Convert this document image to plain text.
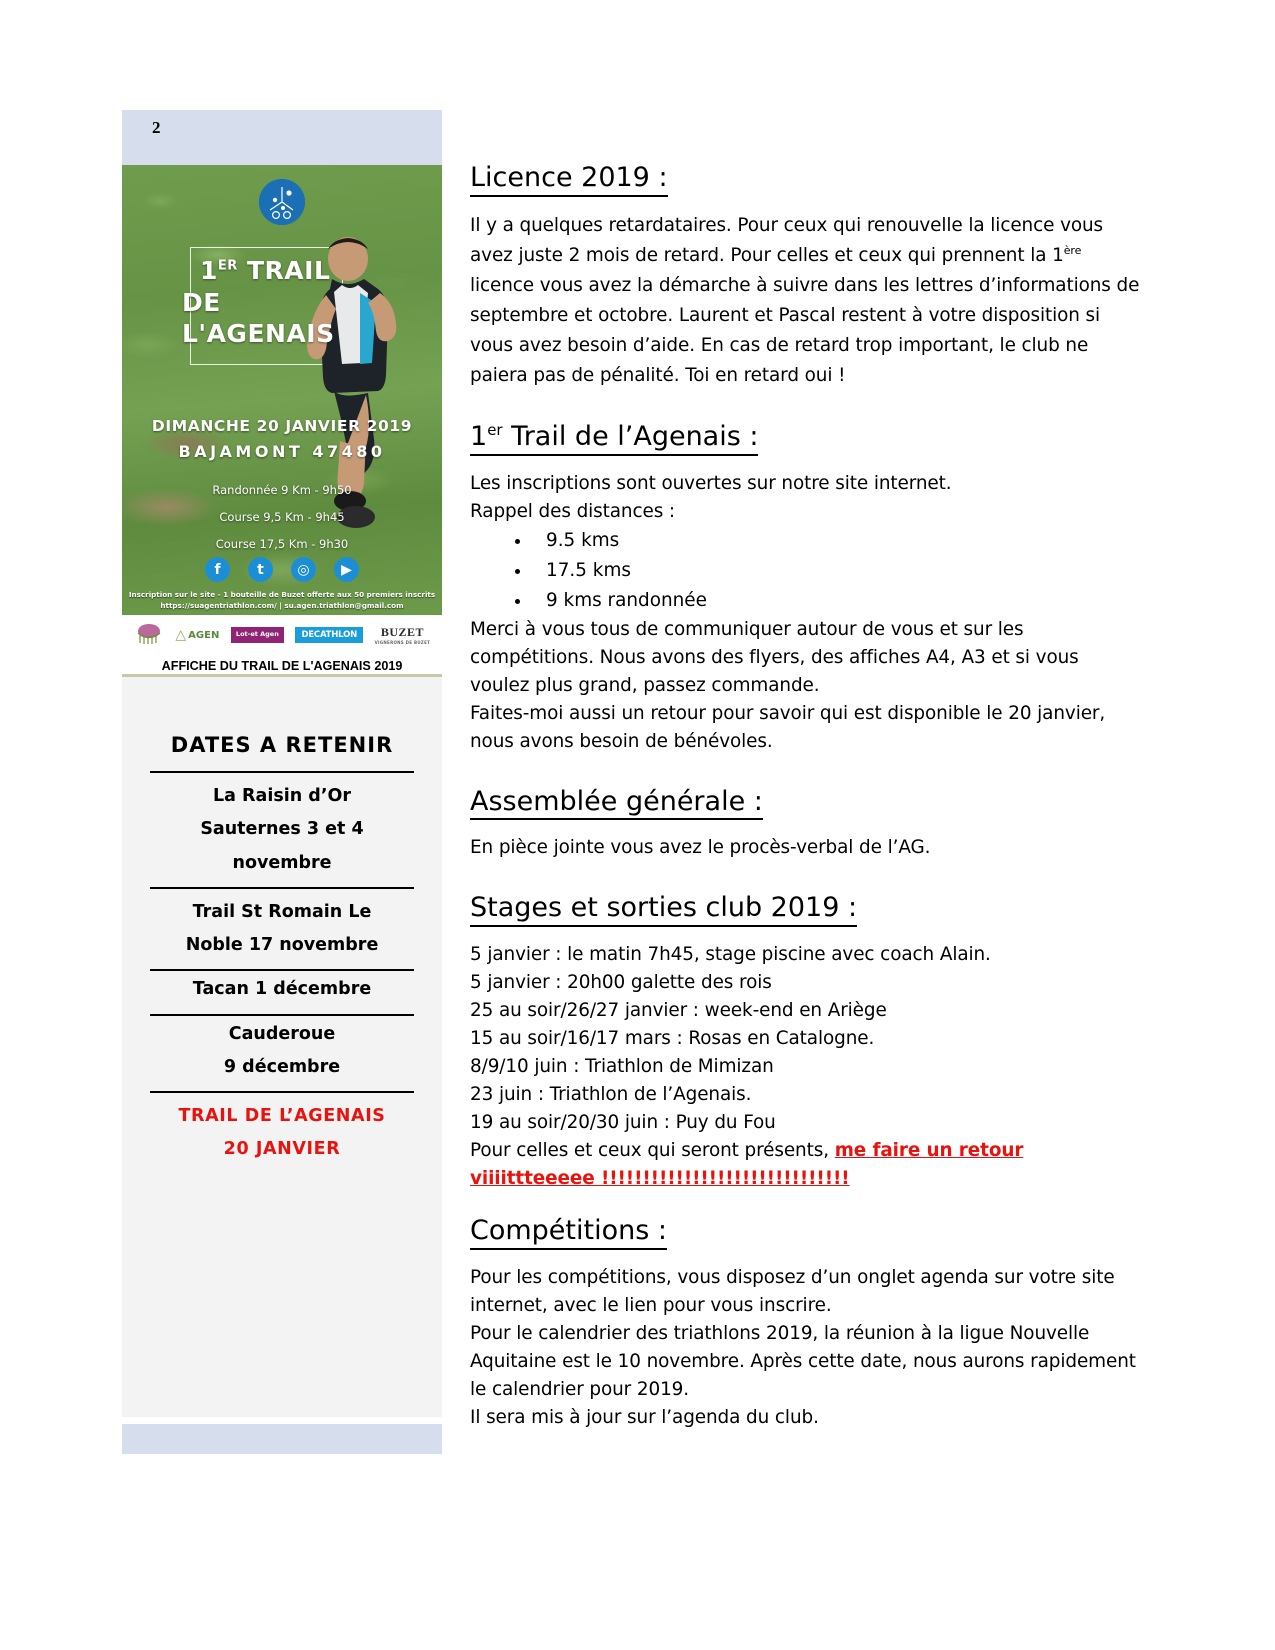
2
1ER TRAIL
DE L'AGENAIS
DIMANCHE 20 JANVIER 2019
BAJAMONT 47480
Randonnée 9 Km - 9h50
Course 9,5 Km - 9h45
Course 17,5 Km - 9h30
f	t	◎	▶
Inscription sur le site - 1 bouteille de Buzet offerte aux 50 premiers inscrits
https://suagentriathlon.com/ | su.agen.triathlon@gmail.com
△ AGEN	Lot-et Agen	DECATHLON	BUZET
VIGNERONS DE BUZET
AFFICHE DU TRAIL DE L'AGENAIS 2019
DATES A RETENIR
La Raisin d’Or
Sauternes 3 et 4
novembre
Trail St Romain Le
Noble 17 novembre
Tacan 1 décembre
Cauderoue
9 décembre
TRAIL DE L’AGENAIS
20 JANVIER
Licence 2019 :

Il y a quelques retardataires. Pour ceux qui renouvelle la licence vous avez juste 2 mois de retard. Pour celles et ceux qui prennent la 1ère licence vous avez la démarche à suivre dans les lettres d’informations de septembre et octobre. Laurent et Pascal restent à votre disposition si vous avez besoin d’aide. En cas de retard trop important, le club ne paiera pas de pénalité. Toi en retard oui !

1er Trail de l’Agenais :

Les inscriptions sont ouvertes sur notre site internet.

Rappel des distances :

• 9.5 kms
• 17.5 kms
• 9 kms randonnée

Merci à vous tous de communiquer autour de vous et sur les compétitions. Nous avons des flyers, des affiches A4, A3 et si vous voulez plus grand, passez commande.

Faites-moi aussi un retour pour savoir qui est disponible le 20 janvier, nous avons besoin de bénévoles.

Assemblée générale :

En pièce jointe vous avez le procès-verbal de l’AG.

Stages et sorties club 2019 :

5 janvier : le matin 7h45, stage piscine avec coach Alain.

5 janvier : 20h00 galette des rois

25 au soir/26/27 janvier : week-end en Ariège

15 au soir/16/17 mars : Rosas en Catalogne.

8/9/10 juin : Triathlon de Mimizan

23 juin : Triathlon de l’Agenais.

19 au soir/20/30 juin : Puy du Fou

Pour celles et ceux qui seront présents, me faire un retour

viiiittteeeee !!!!!!!!!!!!!!!!!!!!!!!!!!!!!!

Compétitions :

Pour les compétitions, vous disposez d’un onglet agenda sur votre site internet, avec le lien pour vous inscrire.

Pour le calendrier des triathlons 2019, la réunion à la ligue Nouvelle Aquitaine est le 10 novembre. Après cette date, nous aurons rapidement le calendrier pour 2019.

Il sera mis à jour sur l’agenda du club.
